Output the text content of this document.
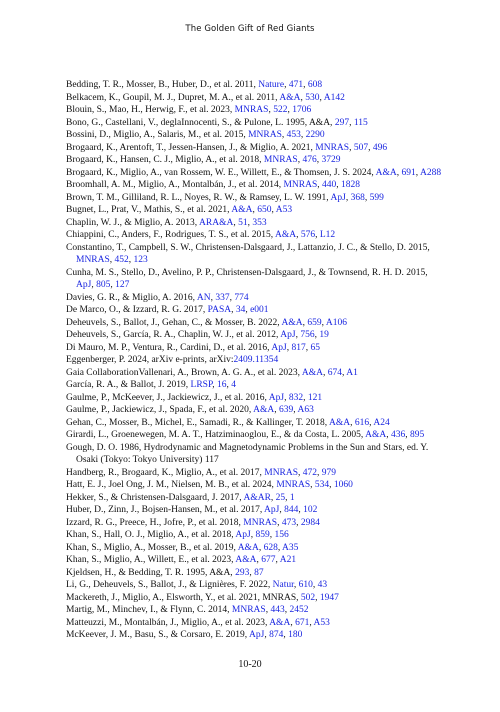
The Golden Gift of Red Giants
Bedding, T. R., Mosser, B., Huber, D., et al. 2011, Nature, 471, 608
Belkacem, K., Goupil, M. J., Dupret, M. A., et al. 2011, A&A, 530, A142
Blouin, S., Mao, H., Herwig, F., et al. 2023, MNRAS, 522, 1706
Bono, G., Castellani, V., deglaInnocenti, S., & Pulone, L. 1995, A&A, 297, 115
Bossini, D., Miglio, A., Salaris, M., et al. 2015, MNRAS, 453, 2290
Brogaard, K., Arentoft, T., Jessen-Hansen, J., & Miglio, A. 2021, MNRAS, 507, 496
Brogaard, K., Hansen, C. J., Miglio, A., et al. 2018, MNRAS, 476, 3729
Brogaard, K., Miglio, A., van Rossem, W. E., Willett, E., & Thomsen, J. S. 2024, A&A, 691, A288
Broomhall, A. M., Miglio, A., Montalbán, J., et al. 2014, MNRAS, 440, 1828
Brown, T. M., Gilliland, R. L., Noyes, R. W., & Ramsey, L. W. 1991, ApJ, 368, 599
Bugnet, L., Prat, V., Mathis, S., et al. 2021, A&A, 650, A53
Chaplin, W. J., & Miglio, A. 2013, ARA&A, 51, 353
Chiappini, C., Anders, F., Rodrigues, T. S., et al. 2015, A&A, 576, L12
Constantino, T., Campbell, S. W., Christensen-Dalsgaard, J., Lattanzio, J. C., & Stello, D. 2015, MNRAS, 452, 123
Cunha, M. S., Stello, D., Avelino, P. P., Christensen-Dalsgaard, J., & Townsend, R. H. D. 2015, ApJ, 805, 127
Davies, G. R., & Miglio, A. 2016, AN, 337, 774
De Marco, O., & Izzard, R. G. 2017, PASA, 34, e001
Deheuvels, S., Ballot, J., Gehan, C., & Mosser, B. 2022, A&A, 659, A106
Deheuvels, S., García, R. A., Chaplin, W. J., et al. 2012, ApJ, 756, 19
Di Mauro, M. P., Ventura, R., Cardini, D., et al. 2016, ApJ, 817, 65
Eggenberger, P. 2024, arXiv e-prints, arXiv:2409.11354
Gaia CollaborationVallenari, A., Brown, A. G. A., et al. 2023, A&A, 674, A1
García, R. A., & Ballot, J. 2019, LRSP, 16, 4
Gaulme, P., McKeever, J., Jackiewicz, J., et al. 2016, ApJ, 832, 121
Gaulme, P., Jackiewicz, J., Spada, F., et al. 2020, A&A, 639, A63
Gehan, C., Mosser, B., Michel, E., Samadi, R., & Kallinger, T. 2018, A&A, 616, A24
Girardi, L., Groenewegen, M. A. T., Hatziminaoglou, E., & da Costa, L. 2005, A&A, 436, 895
Gough, D. O. 1986, Hydrodynamic and Magnetodynamic Problems in the Sun and Stars, ed. Y. Osaki (Tokyo: Tokyo University) 117
Handberg, R., Brogaard, K., Miglio, A., et al. 2017, MNRAS, 472, 979
Hatt, E. J., Joel Ong, J. M., Nielsen, M. B., et al. 2024, MNRAS, 534, 1060
Hekker, S., & Christensen-Dalsgaard, J. 2017, A&AR, 25, 1
Huber, D., Zinn, J., Bojsen-Hansen, M., et al. 2017, ApJ, 844, 102
Izzard, R. G., Preece, H., Jofre, P., et al. 2018, MNRAS, 473, 2984
Khan, S., Hall, O. J., Miglio, A., et al. 2018, ApJ, 859, 156
Khan, S., Miglio, A., Mosser, B., et al. 2019, A&A, 628, A35
Khan, S., Miglio, A., Willett, E., et al. 2023, A&A, 677, A21
Kjeldsen, H., & Bedding, T. R. 1995, A&A, 293, 87
Li, G., Deheuvels, S., Ballot, J., & Lignières, F. 2022, Natur, 610, 43
Mackereth, J., Miglio, A., Elsworth, Y., et al. 2021, MNRAS, 502, 1947
Martig, M., Minchev, I., & Flynn, C. 2014, MNRAS, 443, 2452
Matteuzzi, M., Montalbán, J., Miglio, A., et al. 2023, A&A, 671, A53
McKeever, J. M., Basu, S., & Corsaro, E. 2019, ApJ, 874, 180
10-20
